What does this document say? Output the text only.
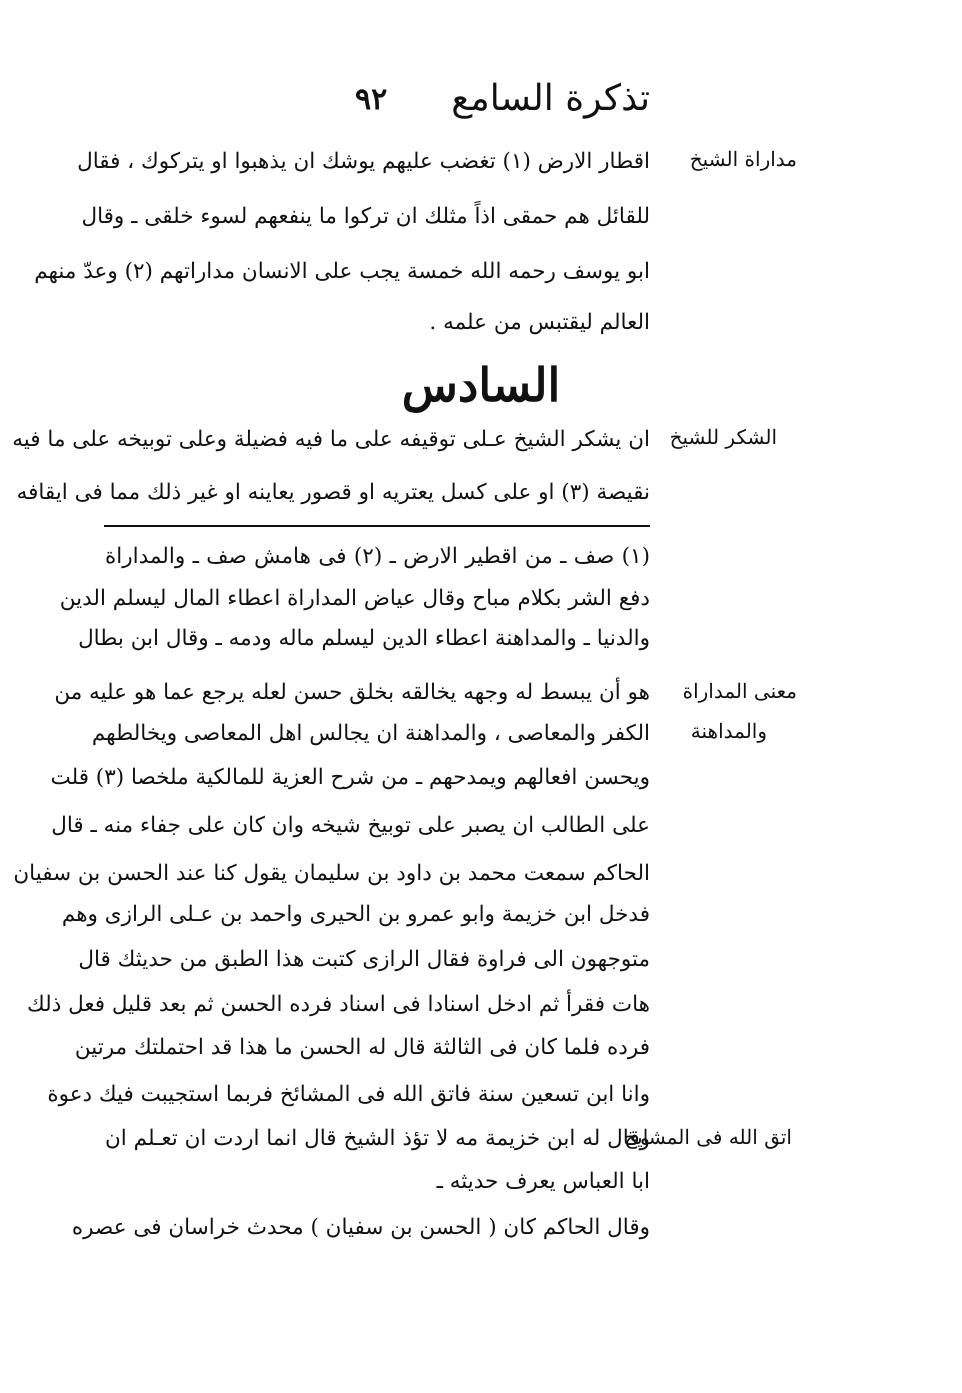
تذكرة السامع
٩٢
مداراة الشيخ
الشكر للشيخ
معنى المداراة
والمداهنة
اتق الله فى المشايخ
اقطار الارض (١) تغضب عليهم يوشك ان يذهبوا او يتركوك ، فقال
للقائل هم حمقى اذاً مثلك ان تركوا ما ينفعهم لسوء خلقى ـ وقال
ابو يوسف رحمه الله خمسة يجب على الانسان مداراتهم (٢) وعدّ منهم
العالم ليقتبس من علمه .
السادس
ان يشكر الشيخ عـلى توقيفه على ما فيه فضيلة وعلى توبيخه على ما فيه
نقيصة (٣) او على كسل يعتريه او قصور يعاينه او غير ذلك مما فى ايقافه
(١) صف ـ من اقطير الارض ـ (٢) فى هامش صف ـ والمداراة
دفع الشر بكلام مباح وقال عياض المداراة اعطاء المال ليسلم الدين
والدنيا ـ والمداهنة اعطاء الدين ليسلم ماله ودمه ـ وقال ابن بطال
هو أن يبسط له وجهه يخالقه بخلق حسن لعله يرجع عما هو عليه من
الكفر والمعاصى ، والمداهنة ان يجالس اهل المعاصى ويخالطهم
ويحسن افعالهم ويمدحهم ـ من شرح العزية للمالكية ملخصا (٣) قلت
على الطالب ان يصبر على توبيخ شيخه وان كان على جفاء منه ـ قال
الحاكم سمعت محمد بن داود بن سليمان يقول كنا عند الحسن بن سفيان
فدخل ابن خزيمة وابو عمرو بن الحيرى واحمد بن عـلى الرازى وهم
متوجهون الى فراوة فقال الرازى كتبت هذا الطبق من حديثك قال
هات فقرأ ثم ادخل اسنادا فى اسناد فرده الحسن ثم بعد قليل فعل ذلك
فرده فلما كان فى الثالثة قال له الحسن ما هذا قد احتملتك مرتين
وانا ابن تسعين سنة فاتق الله فى المشائخ فربما استجيبت فيك دعوة
وقال له ابن خزيمة مه لا تؤذ الشيخ قال انما اردت ان تعـلم ان
ابا العباس يعرف حديثه ـ
وقال الحاكم كان ( الحسن بن سفيان ) محدث خراسان فى عصره
